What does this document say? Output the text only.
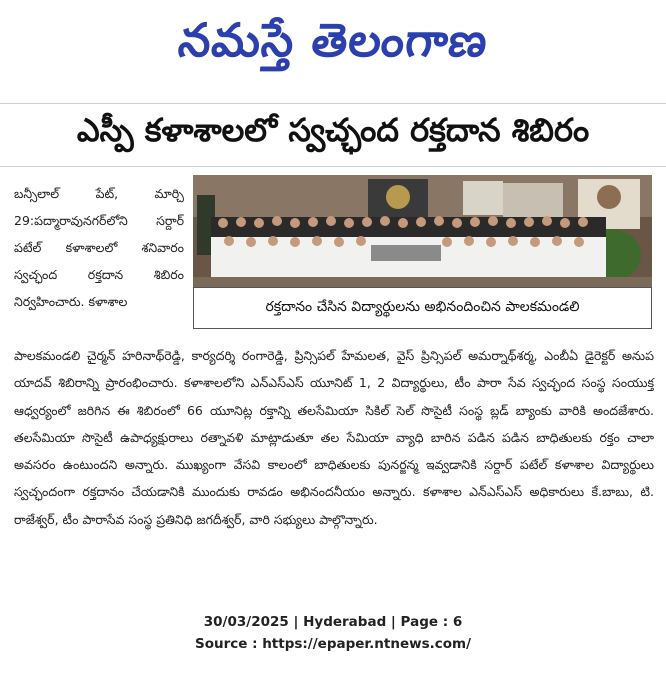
నమస్తే తెలంగాణ
ఎస్పీ కళాశాలలో స్వచ్ఛంద రక్తదాన శిబిరం
బన్సీలాల్ పేట్, మార్చి 29:పద్మారావునగర్‌లోని సర్దార్ పటేల్ కళాశాలలో శనివారం స్వచ్ఛంద రక్తదాన శిబిరం నిర్వహించారు. కళాశాల	రక్తదానం చేసిన విద్యార్థులను అభినందించిన పాలకమండలి
పాలకమండలి చైర్మన్ హరినాథ్‌రెడ్డి, కార్యదర్శి రంగారెడ్డి, ప్రిన్సిపల్ హేమలత, వైస్ ప్రిన్సిపల్ అమర్నాథ్‌శర్మ, ఎంబీఏ డైరెక్టర్ అనుప యాదవ్ శిబిరాన్ని ప్రారంభించారు. కళాశాలలోని ఎన్ఎస్ఎస్ యూనిట్ 1, 2 విద్యార్థులు, టీం పారా సేవ స్వచ్ఛంద సంస్థ సంయుక్త ఆధ్వర్యంలో జరిగిన ఈ శిబిరంలో 66 యూనిట్ల రక్తాన్ని తలసేమియా సికిల్ సెల్ సొసైటీ సంస్థ బ్లడ్ బ్యాంకు వారికి అందజేశారు. తలసేమియా సొసైటీ ఉపాధ్యక్షురాలు రత్నావళి మాట్లాడుతూ తల సేమియా వ్యాధి బారిన పడిన పడిన బాధితులకు రక్తం చాలా అవసరం ఉంటుందని అన్నారు. ముఖ్యంగా వేసవి కాలంలో బాధితులకు పునర్జన్మ ఇవ్వడానికి సర్దార్ పటేల్ కళాశాల విద్యార్థులు స్వచ్ఛందంగా రక్తదానం చేయడానికి ముందుకు రావడం అభినందనీయం అన్నారు. కళాశాల ఎన్ఎస్ఎస్ అధికారులు కే.బాబు, టి. రాజేశ్వర్, టీం పారాసేవ సంస్థ ప్రతినిధి జగదీశ్వర్, వారి సభ్యులు పాల్గొన్నారు.
30/03/2025 | Hyderabad | Page : 6
Source : https://epaper.ntnews.com/
